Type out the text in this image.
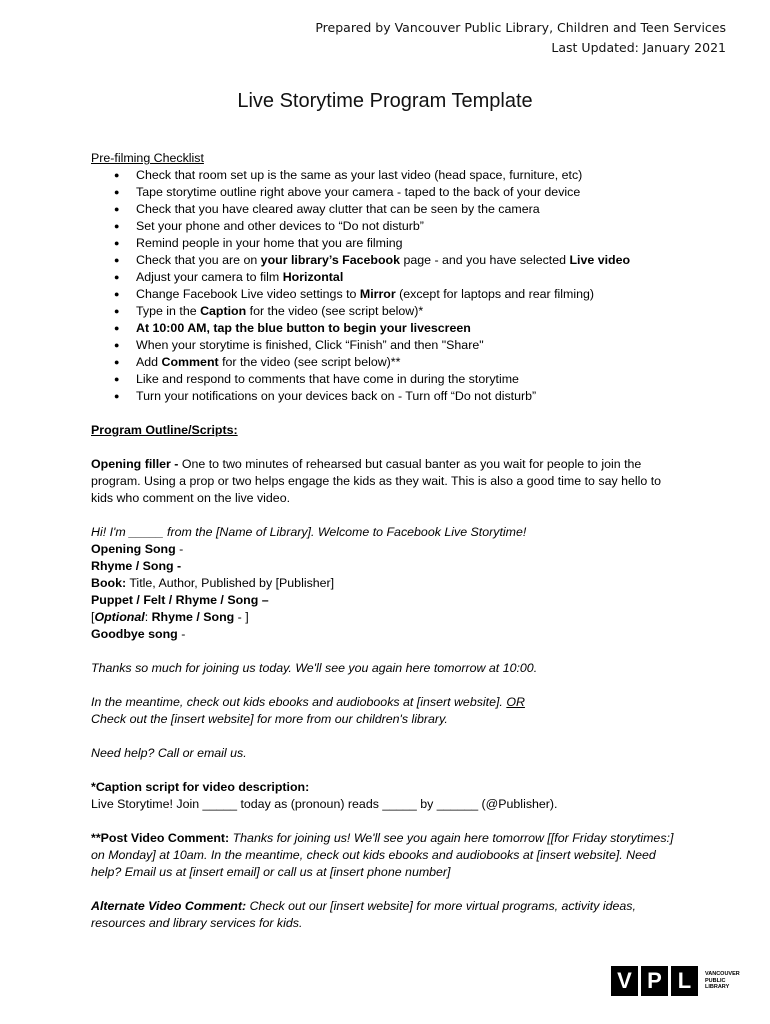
Prepared by Vancouver Public Library, Children and Teen Services
Last Updated: January 2021
Live Storytime Program Template
Pre-filming Checklist
● Check that room set up is the same as your last video (head space, furniture, etc)
● Tape storytime outline right above your camera - taped to the back of your device
● Check that you have cleared away clutter that can be seen by the camera
● Set your phone and other devices to “Do not disturb”
● Remind people in your home that you are filming
● Check that you are on your library’s Facebook page - and you have selected Live video
● Adjust your camera to film Horizontal
● Change Facebook Live video settings to Mirror (except for laptops and rear filming)
● Type in the Caption for the video (see script below)*
● At 10:00 AM, tap the blue button to begin your livescreen
● When your storytime is finished, Click “Finish” and then "Share"
● Add Comment for the video (see script below)**
● Like and respond to comments that have come in during the storytime
● Turn your notifications on your devices back on - Turn off “Do not disturb”
Program Outline/Scripts:

Opening filler - One to two minutes of rehearsed but casual banter as you wait for people to join the program. Using a prop or two helps engage the kids as they wait. This is also a good time to say hello to kids who comment on the live video.

Hi! I'm _____ from the [Name of Library]. Welcome to Facebook Live Storytime!

Opening Song -

Rhyme / Song -

Book: Title, Author, Published by [Publisher]

Puppet / Felt / Rhyme / Song –

[Optional: Rhyme / Song - ]

Goodbye song -

Thanks so much for joining us today. We'll see you again here tomorrow at 10:00.

In the meantime, check out kids ebooks and audiobooks at [insert website]. OR

Check out the [insert website] for more from our children's library.

Need help? Call or email us.

*Caption script for video description:

Live Storytime! Join _____ today as (pronoun) reads _____ by ______ (@Publisher).

**Post Video Comment: Thanks for joining us! We'll see you again here tomorrow [[for Friday storytimes:] on Monday] at 10am. In the meantime, check out kids ebooks and audiobooks at [insert website]. Need help? Email us at [insert email] or call us at [insert phone number]

Alternate Video Comment: Check out our [insert website] for more virtual programs, activity ideas, resources and library services for kids.

V P L	VANCOUVER
PUBLIC
LIBRARY
